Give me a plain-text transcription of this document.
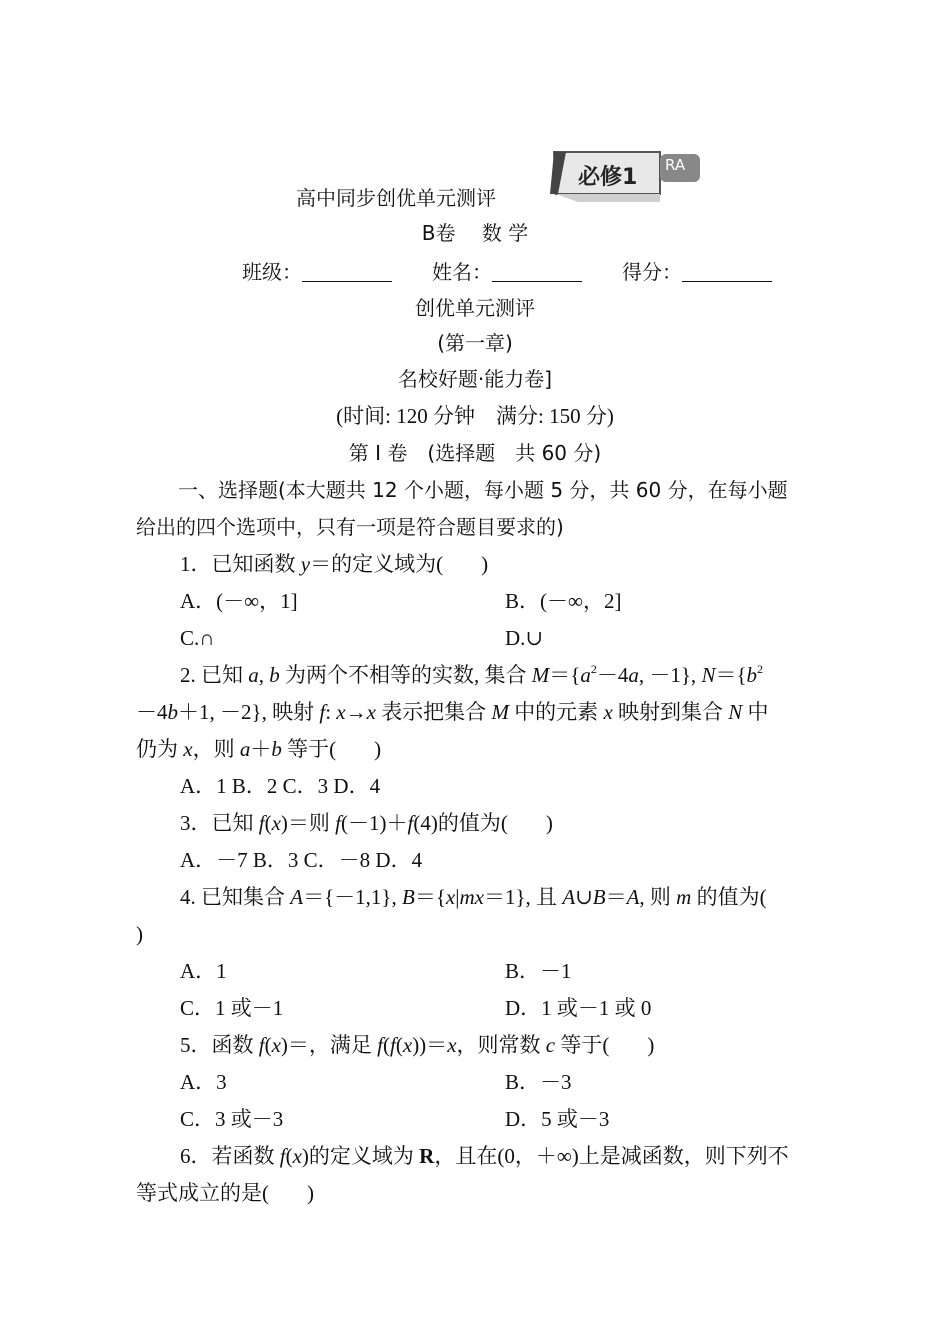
必修1 RA
高中同步创优单元测评
B卷　 数 学
班级：	姓名：	得分：
创优单元测评
(第一章)
名校好题·能力卷]
(时间: 120 分钟　满分: 150 分)
第 Ⅰ 卷　(选择题　共 60 分)
一、选择题(本大题共 12 个小题，每小题 5 分，共 60 分，在每小题
给出的四个选项中，只有一项是符合题目要求的)
1．已知函数 y＝的定义域为( )
A．(－∞，1]	B．(－∞，2]
C.∩	D.∪
2. 已知 a, b 为两个不相等的实数, 集合 $M=\{a^2-4a$, －1}, $N=\{b^2$
－4b＋1, －2}, 映射 f: x→x 表示把集合 M 中的元素 x 映射到集合 N 中
仍为 x，则 a＋b 等于( )
A．1 B．2 C．3 D．4
3．已知 f(x)＝则 f(－1)＋f(4)的值为( )
A．－7 B．3 C．－8 D．4
4. 已知集合 A＝{－1,1}, B＝{x|mx＝1}, 且 A∪B＝A, 则 m 的值为(
)
A．1	B．－1
C．1 或－1	D．1 或－1 或 0
5．函数 f(x)＝，满足 f(f(x))＝x，则常数 c 等于( )
A．3	B．－3
C．3 或－3	D．5 或－3
6．若函数 f(x)的定义域为 R，且在(0，＋∞)上是减函数，则下列不
等式成立的是( )
